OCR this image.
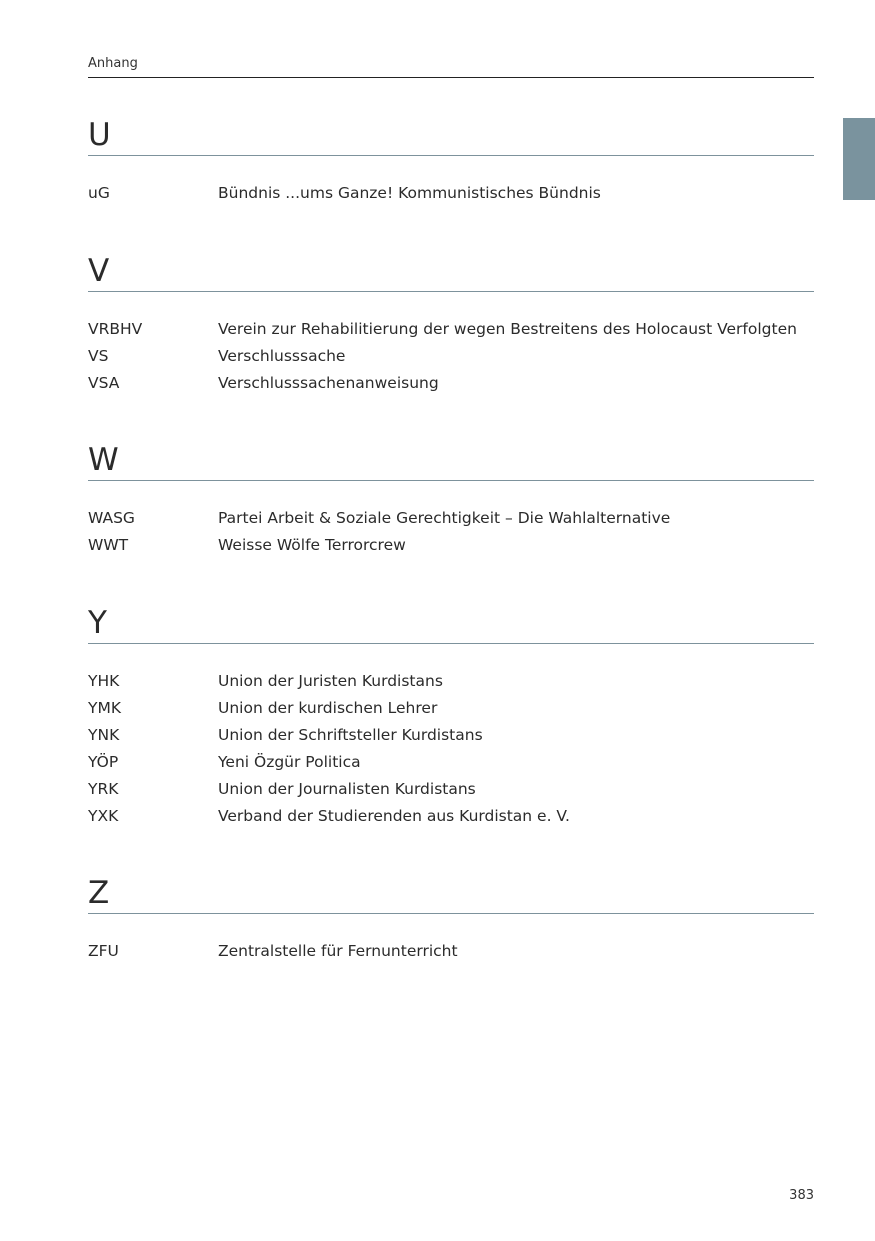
Anhang
U
uG	Bündnis ...ums Ganze! Kommunistisches Bündnis
V
VRBHV	Verein zur Rehabilitierung der wegen Bestreitens des Holocaust Verfolgten
VS	Verschlusssache
VSA	Verschlusssachenanweisung
W
WASG	Partei Arbeit & Soziale Gerechtigkeit – Die Wahlalternative
WWT	Weisse Wölfe Terrorcrew
Y
YHK	Union der Juristen Kurdistans
YMK	Union der kurdischen Lehrer
YNK	Union der Schriftsteller Kurdistans
YÖP	Yeni Özgür Politica
YRK	Union der Journalisten Kurdistans
YXK	Verband der Studierenden aus Kurdistan e. V.
Z
ZFU	Zentralstelle für Fernunterricht
383
